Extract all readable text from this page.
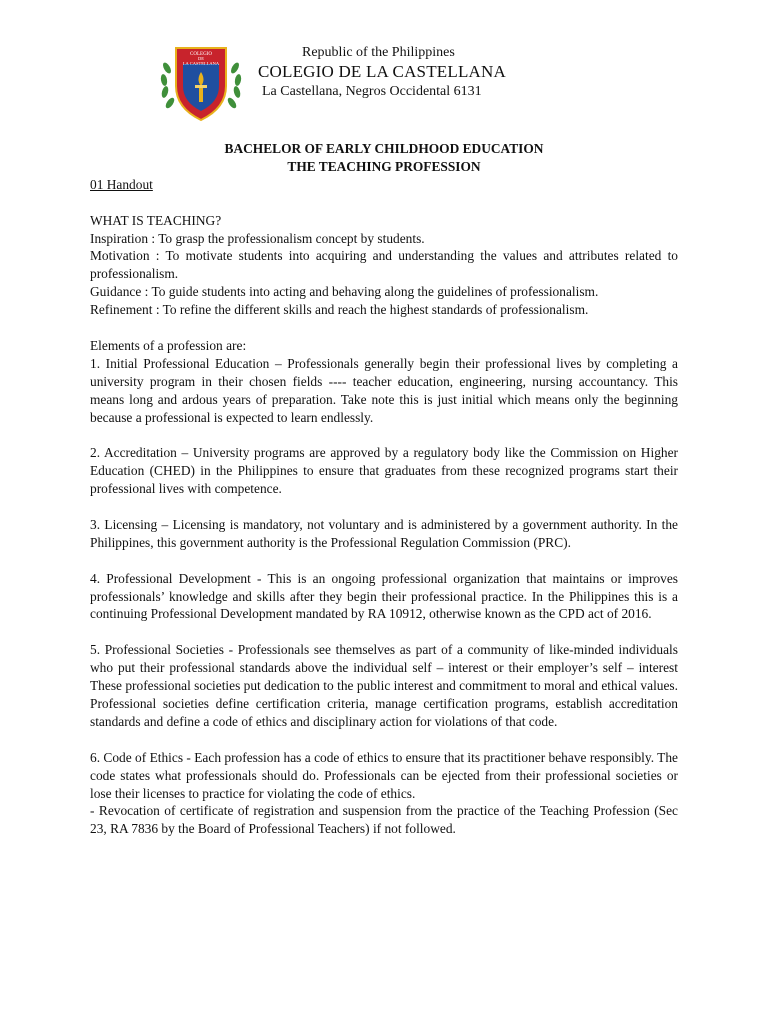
COLEGIO
DE
LA CASTELLANA
Republic of the Philippines
COLEGIO DE LA CASTELLANA
La Castellana, Negros Occidental 6131

BACHELOR OF EARLY CHILDHOOD EDUCATION

THE TEACHING PROFESSION

01 Handout

WHAT IS TEACHING?

Inspiration : To grasp the professionalism concept by students.

Motivation : To motivate students into acquiring and understanding the values and attributes related to professionalism.

Guidance : To guide students into acting and behaving along the guidelines of professionalism.

Refinement : To refine the different skills and reach the highest standards of professionalism.

Elements of a profession are:

1. Initial Professional Education – Professionals generally begin their professional lives by completing a university program in their chosen fields ---- teacher education, engineering, nursing accountancy. This means long and ardous years of preparation. Take note this is just initial which means only the beginning because a professional is expected to learn endlessly.

2. Accreditation – University programs are approved by a regulatory body like the Commission on Higher Education (CHED) in the Philippines to ensure that graduates from these recognized programs start their professional lives with competence.

3. Licensing – Licensing is mandatory, not voluntary and is administered by a government authority. In the Philippines, this government authority is the Professional Regulation Commission (PRC).

4. Professional Development - This is an ongoing professional organization that maintains or improves professionals’ knowledge and skills after they begin their professional practice. In the Philippines this is a continuing Professional Development mandated by RA 10912, otherwise known as the CPD act of 2016.

5. Professional Societies - Professionals see themselves as part of a community of like-minded individuals who put their professional standards above the individual self – interest or their employer’s self – interest These professional societies put dedication to the public interest and commitment to moral and ethical values. Professional societies define certification criteria, manage certification programs, establish accreditation standards and define a code of ethics and disciplinary action for violations of that code.

6. Code of Ethics - Each profession has a code of ethics to ensure that its practitioner behave responsibly. The code states what professionals should do. Professionals can be ejected from their professional societies or lose their licenses to practice for violating the code of ethics.

- Revocation of certificate of registration and suspension from the practice of the Teaching Profession (Sec 23, RA 7836 by the Board of Professional Teachers) if not followed.
